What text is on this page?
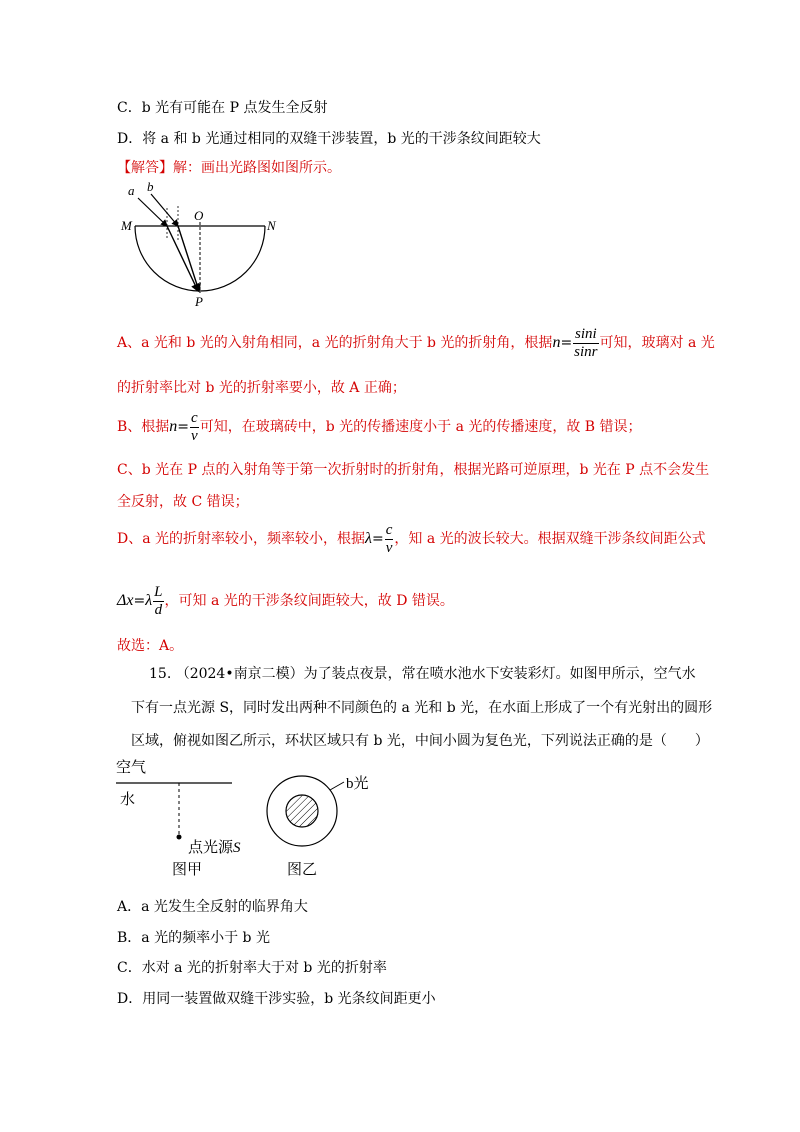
C．b 光有可能在 P 点发生全反射
D．将 a 和 b 光通过相同的双缝干涉装置，b 光的干涉条纹间距较大
【解答】解：画出光路图如图所示。
a b
M
O
N
P
A、a 光和 b 光的入射角相同，a 光的折射角大于 b 光的折射角，根据$n= \frac{\sin i}{\sin r}$ 可知，玻璃对 a 光
的折射率比对 b 光的折射率要小，故 A 正确；
B、根据$n= \frac{c}{v}$ 可知，在玻璃砖中，b 光的传播速度小于 a 光的传播速度，故 B 错误；
C、b 光在 P 点的入射角等于第一次折射时的折射角，根据光路可逆原理，b 光在 P 点不会发生
全反射，故 C 错误；
D、a 光的折射率较小，频率较小，根据$\lambda= \frac{c}{v}$ ，知 a 光的波长较大。根据双缝干涉条纹间距公式
$\Delta x=\lambda \frac{L}{d}$ ，可知 a 光的干涉条纹间距较大，故 D 错误。
故选：A。
15. （2024•南京二模）为了装点夜景，常在喷水池水下安装彩灯。如图甲所示，空气水
下有一点光源 S，同时发出两种不同颜色的 a 光和 b 光，在水面上形成了一个有光射出的圆形
区域，俯视如图乙所示，环状区域只有 b 光，中间小圆为复色光，下列说法正确的是（　　）
空气
水
点光源S
图甲
b光
图乙
A．a 光发生全反射的临界角大
B．a 光的频率小于 b 光
C．水对 a 光的折射率大于对 b 光的折射率
D．用同一装置做双缝干涉实验，b 光条纹间距更小
